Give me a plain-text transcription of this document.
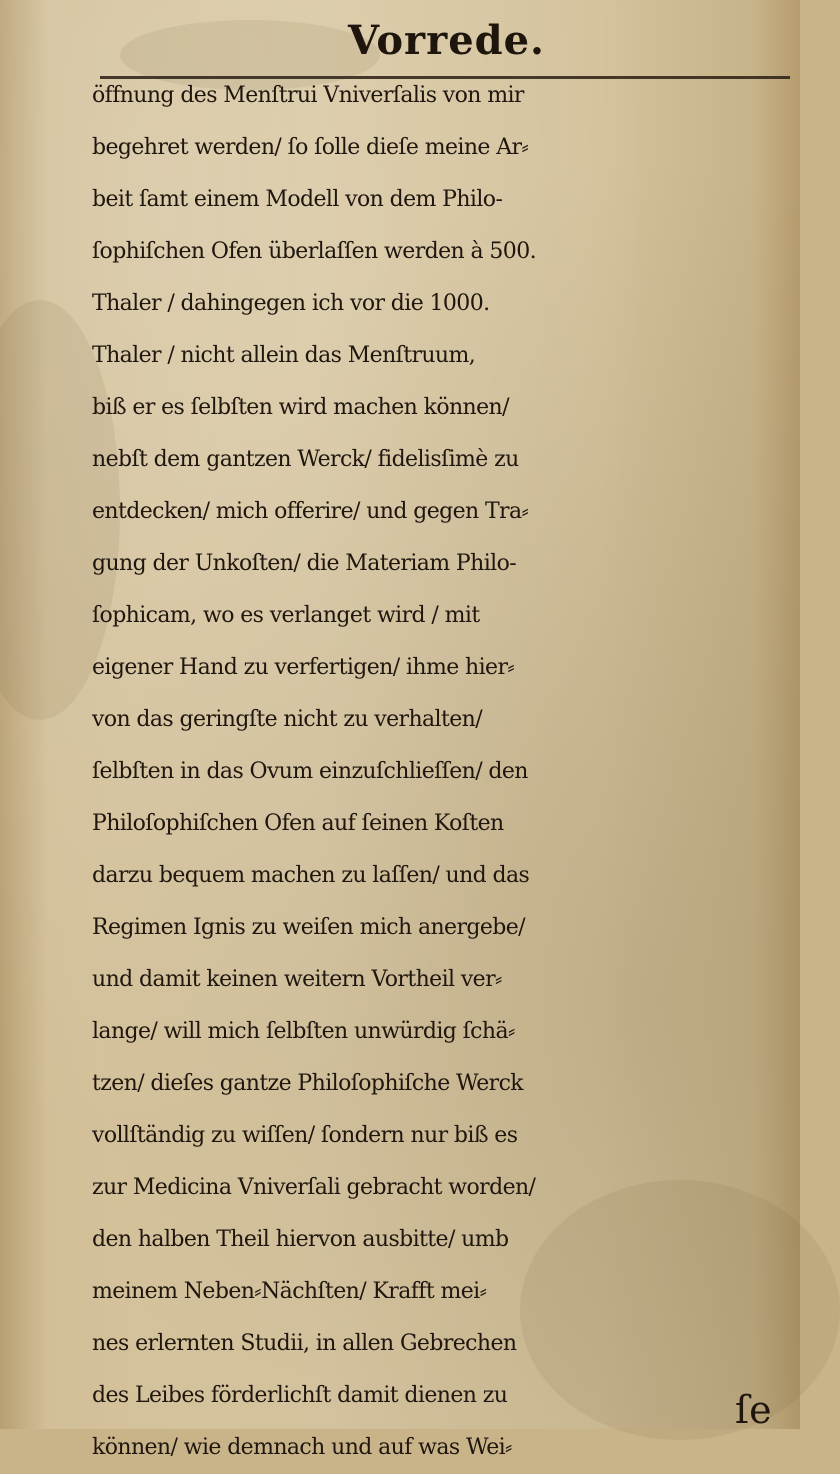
Vorrede.
öffnung des Menſtrui Vniverſalis von mir
begehret werden/ ſo ſolle dieſe meine Ar⸗
beit ſamt einem Modell von dem Philo-
ſophiſchen Ofen überlaſſen werden à 500.
Thaler / dahingegen ich vor die 1000.
Thaler / nicht allein das Menſtruum,
biß er es ſelbſten wird machen können/
nebſt dem gantzen Werck/ fidelisſimè zu
entdecken/ mich offerire/ und gegen Tra⸗
gung der Unkoſten/ die Materiam Philo-
ſophicam, wo es verlanget wird / mit
eigener Hand zu verfertigen/ ihme hier⸗
von das geringſte nicht zu verhalten/
ſelbſten in das Ovum einzuſchlieſſen/ den
Philoſophiſchen Ofen auf ſeinen Koſten
darzu bequem machen zu laſſen/ und das
Regimen Ignis zu weiſen mich anergebe/
und damit keinen weitern Vortheil ver⸗
lange/ will mich ſelbſten unwürdig ſchä⸗
tzen/ dieſes gantze Philoſophiſche Werck
vollſtändig zu wiſſen/ ſondern nur biß es
zur Medicina Vniverſali gebracht worden/
den halben Theil hiervon ausbitte/ umb
meinem Neben⸗Nächſten/ Krafft mei⸗
nes erlernten Studii, in allen Gebrechen
des Leibes förderlichſt damit dienen zu
können/ wie demnach und auf was Wei⸗
ſe
